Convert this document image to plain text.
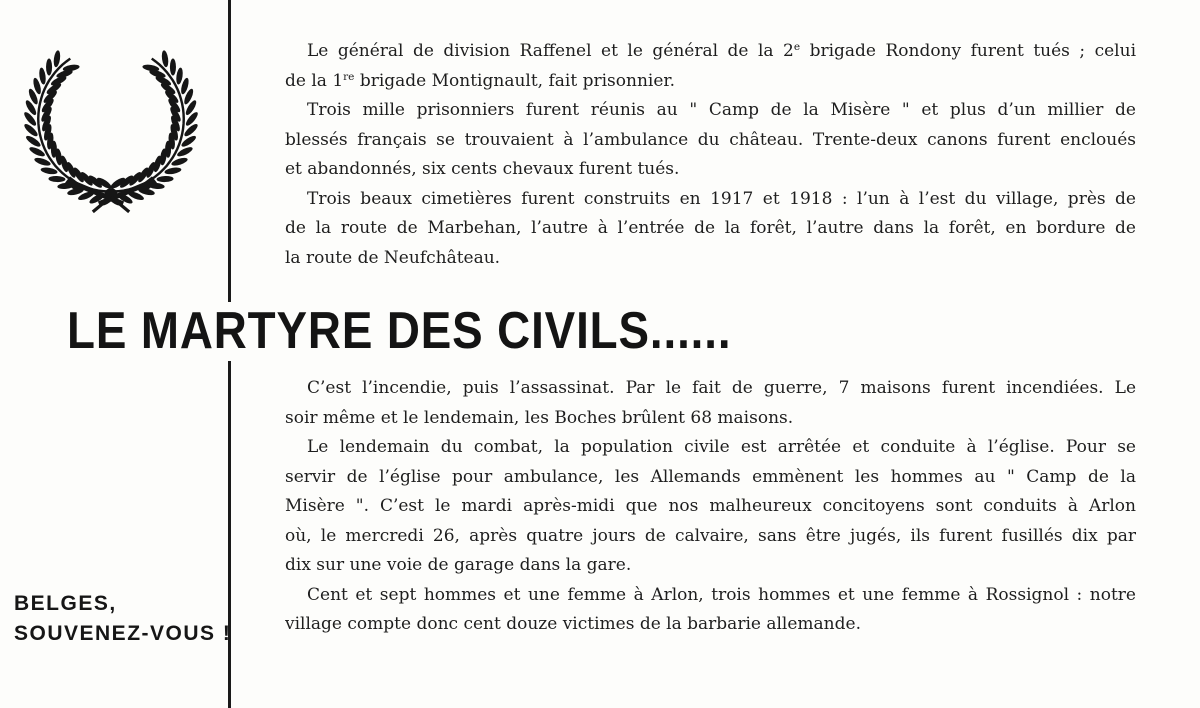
Le général de division Raffenel et le général de la 2e brigade Rondony furent tués ; celui
de la 1re brigade Montignault, fait prisonnier.
Trois mille prisonniers furent réunis au " Camp de la Misère " et plus d’un millier de
blessés français se trouvaient à l’ambulance du château. Trente-deux canons furent encloués
et abandonnés, six cents chevaux furent tués.
Trois beaux cimetières furent construits en 1917 et 1918 : l’un à l’est du village, près de
de la route de Marbehan, l’autre à l’entrée de la forêt, l’autre dans la forêt, en bordure de
la route de Neufchâteau.
LE MARTYRE DES CIVILS......
C’est l’incendie, puis l’assassinat. Par le fait de guerre, 7 maisons furent incendiées. Le
soir même et le lendemain, les Boches brûlent 68 maisons.
Le lendemain du combat, la population civile est arrêtée et conduite à l’église. Pour se
servir de l’église pour ambulance, les Allemands emmènent les hommes au " Camp de la
Misère ". C’est le mardi après-midi que nos malheureux concitoyens sont conduits à Arlon
où, le mercredi 26, après quatre jours de calvaire, sans être jugés, ils furent fusillés dix par
dix sur une voie de garage dans la gare.
Cent et sept hommes et une femme à Arlon, trois hommes et une femme à Rossignol : notre
village compte donc cent douze victimes de la barbarie allemande.
BELGES,
SOUVENEZ-VOUS !
